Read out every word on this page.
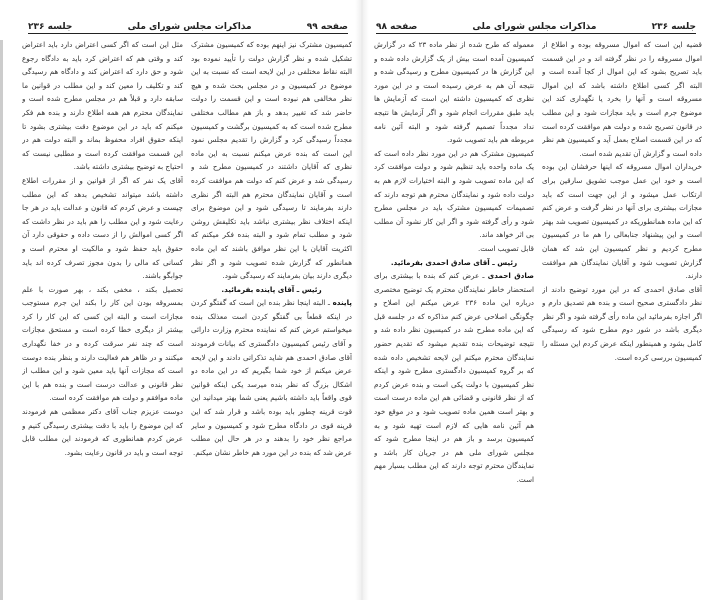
صفحه ۹۹
مذاکرات مجلس شورای ملی
جلسه ۲۳۶

کمیسیون مشترک نیز اینهم بوده که کمیسیون مشترک تشکیل شده و نظر گزارش دولت را تأیید نموده بود البته نقاط مختلفی در این لایحه است که نسبت به این موضوع در کمیسیون و در مجلس بحث شده و هیچ نظر مخالفی هم نبوده است و این قسمت را دولت حاضر شد که تغییر بدهد و باز هم مطالب مختلفی مطرح شده است که به کمیسیون برگشت و کمیسیون مجدداً رسیدگی کرد و گزارش را تقدیم مجلس نمود این است که بنده عرض میکنم نسبت به این ماده نظری که آقایان داشتند در کمیسیون مطرح شد و رسیدگی شد و عرض کنم که دولت هم موافقت کرده است و آقایان نمایندگان محترم هم البته اگر نظری دارند بفرمایند تا رسیدگی شود و این موضوع برای اینکه اختلاف نظر بیشتری نباشد باید تکلیفش روشن شود و مطلب تمام شود و البته بنده فکر میکنم که اکثریت آقایان با این نظر موافق باشند که این ماده همانطور که گزارش شده تصویب شود و اگر نظر دیگری دارند بیان بفرمایند که رسیدگی شود.

رئیس ـ آقای پاینده بفرمائید.

پاینده ـ البته اینجا نظر بنده این است که گفتگو کردن در اینکه قطعاً بی گفتگو کردن است معذلک بنده میخواستم عرض کنم که نماینده محترم وزارت دارائی و آقای رئیس کمیسیون دادگستری که بیانات فرمودند آقای صادق احمدی هم شاید تذکراتی دادند و این لایحه عرض میکنم از خود شما بگیریم که در این ماده دو اشکال بزرگ که نظر بنده میرسد یکی اینکه قوانین قوی واقعاً باید داشته باشیم یعنی شما بهتر میدانید این قوت قرینه چطور باید بوده باشد و قرار شد که این قرینه قوی در دادگاه مطرح شود و کمیسیون و سایر مراجع نظر خود را بدهند و در هر حال این مطلب عرض شد که بنده در این مورد هم خاطر نشان میکنم.

مثل این است که اگر کسی اعتراض دارد باید اعتراض کند و وقتی هم که اعتراض کرد باید به دادگاه رجوع شود و حق دارد که اعتراض کند و دادگاه هم رسیدگی کند و تکلیف را معین کند و این مطلب در قوانین ما سابقه دارد و قبلاً هم در مجلس مطرح شده است و نمایندگان محترم هم همه اطلاع دارند و بنده هم فکر میکنم که باید در این موضوع دقت بیشتری بشود تا اینکه حقوق افراد محفوظ بماند و البته دولت هم در این قسمت موافقت کرده است و مطلبی نیست که احتیاج به توضیح بیشتری داشته باشد.

آقای یک نفر که اگر از قوانین و از مقررات اطلاع داشته باشد میتواند تشخیص بدهد که این مطلب چیست و عرض کردم که قانون و عدالت باید در هر جا رعایت شود و این مطلب را هم باید در نظر داشت که اگر کسی اموالش را از دست داده و حقوقی دارد آن حقوق باید حفظ شود و مالکیت او محترم است و کسانی که مالی را بدون مجوز تصرف کرده اند باید جوابگو باشند.

تحصیل بکند ، مخفی بکند ، بهر صورت با علم بمسروقه بودن این کار را بکند این جرم مستوجب مجازات است و البته این کسی که این کار را کرد بیشتر از دیگری خطا کرده است و مستحق مجازات است که چند نفر سرقت کرده و در خفا نگهداری میکنند و در ظاهر هم فعالیت دارند و بنظر بنده دوست است که مجازات آنها باید معین شود و این مطلب از نظر قانونی و عدالت درست است و بنده هم با این ماده موافقم و دولت هم موافقت کرده است.

دوست عزیزم جناب آقای دکتر معظمی هم فرمودند که این موضوع را باید با دقت بیشتری رسیدگی کنیم و عرض کردم همانطوری که فرمودند این مطلب قابل توجه است و باید در قانون رعایت بشود.

جلسه ۲۳۶
مذاکرات مجلس شورای ملی
صفحه ۹۸

قضیه این است که اموال مسروقه بوده و اطلاع از اموال مسروقه را در نظر گرفته اند و در این قسمت باید تصریح بشود که این اموال از کجا آمده است و البته اگر کسی اطلاع داشته باشد که این اموال مسروقه است و آنها را بخرد یا نگهداری کند این موضوع جرم است و باید مجازات شود و این مطلب در قانون تصریح شده و دولت هم موافقت کرده است که در این قسمت اصلاح بعمل آید و کمیسیون هم نظر داده است و گزارش آن تقدیم شده است.

خریداران اموال مسروقه که اینها حرفشان این بوده است و خود این عمل موجب تشویق سارقین برای ارتکاب عمل میشود و از این جهت است که باید مجازات بیشتری برای آنها در نظر گرفت و عرض کنم که این ماده همانطوریکه در کمیسیون تصویب شد بهتر است و این پیشنهاد جنابعالی را هم ما در کمیسیون مطرح کردیم و نظر کمیسیون این شد که همان گزارش تصویب شود و آقایان نمایندگان هم موافقت دارند.

آقای صادق احمدی که در این مورد توضیح دادند از نظر دادگستری صحیح است و بنده هم تصدیق دارم و اگر اجازه بفرمائید این ماده رأی گرفته شود و اگر نظر دیگری باشد در شور دوم مطرح شود که رسیدگی کامل بشود و همینطور اینکه عرض کردم این مسئله را کمیسیون بررسی کرده است.

معموله که طرح شده از نظر ماده ۲۳ که در گزارش کمیسیون آمده است بیش از یک گزارش داده شده و این گزارش ها در کمیسیون مطرح و رسیدگی شده و نتیجه آن هم به عرض رسیده است و در این مورد نظری که کمیسیون داشته این است که آزمایش ها باید طبق مقررات انجام شود و اگر آزمایش ها نتیجه نداد مجدداً تصمیم گرفته شود و البته آئین نامه مربوطه هم باید تصویب شود.

کمیسیون مشترک هم در این مورد نظر داده است که یک ماده واحده باید تنظیم شود و دولت موافقت کرد که این ماده تصویب شود و البته اختیارات لازم هم به دولت داده شود و نمایندگان محترم هم توجه دارند که تصمیمات کمیسیون مشترک باید در مجلس مطرح شود و رأی گرفته شود و اگر این کار نشود آن مطلب بی اثر خواهد ماند.

قابل تصویب است.

رئیس ـ آقای صادق احمدی بفرمائید.

صادق احمدی ـ عرض کنم که بنده با بیشتری برای استحضار خاطر نمایندگان محترم یک توضیح مختصری درباره این ماده ۲۳۶ عرض میکنم این اصلاح و چگونگی اصلاحی عرض کنم مذاکره که در جلسه قبل که این ماده مطرح شد در کمیسیون نظر داده شد و نتیجه توضیحات بنده تقدیم میشود که تقدیم حضور نمایندگان محترم میکنم این لایحه تشخیص داده شده که بر گروه کمیسیون دادگستری مطرح شود و اینکه نظر کمیسیون با دولت یکی است و بنده عرض کردم که از نظر قانونی و قضائی هم این ماده درست است و بهتر است همین ماده تصویب شود و در موقع خود هم آئین نامه هایی که لازم است تهیه شود و به کمیسیون برسد و باز هم در اینجا مطرح شود که مجلس شورای ملی هم در جریان کار باشد و نمایندگان محترم توجه دارند که این مطلب بسیار مهم است.
